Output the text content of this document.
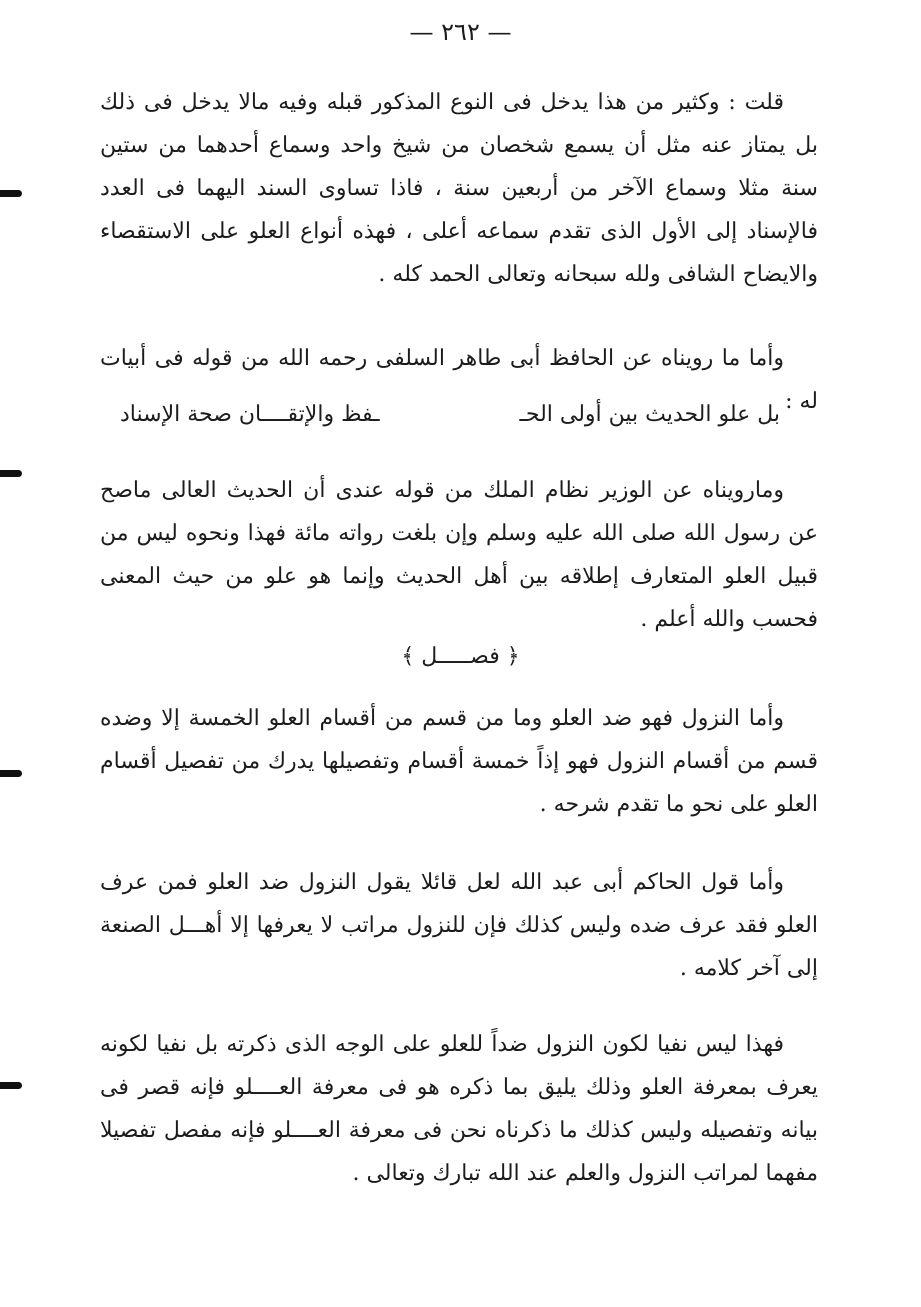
— ٢٦٢ —

قلت : وكثير من هذا يدخل فى النوع المذكور قبله وفيه مالا يدخل فى ذلك بل يمتاز عنه مثل أن يسمع شخصان من شيخ واحد وسماع أحدهما من ستين سنة مثلا وسماع الآخر من أربعين سنة ، فاذا تساوى السند اليهما فى العدد فالإسناد إلى الأول الذى تقدم سماعه أعلى ، فهذه أنواع العلو على الاستقصاء والايضاح الشافى ولله سبحانه وتعالى الحمد كله .

وأما ما رويناه عن الحافظ أبى طاهر السلفى رحمه الله من قوله فى أبيات له :

بل علو الحديث بين أولى الحـ
ـفظ والإتقــــان صحة الإسناد

ومارويناه عن الوزير نظام الملك من قوله عندى أن الحديث العالى ماصح عن رسول الله صلى الله عليه وسلم وإن بلغت رواته مائة فهذا ونحوه ليس من قبيل العلو المتعارف إطلاقه بين أهل الحديث وإنما هو علو من حيث المعنى فحسب والله أعلم .

﴿ فصـــــل ﴾

وأما النزول فهو ضد العلو وما من قسم من أقسام العلو الخمسة إلا وضده قسم من أقسام النزول فهو إذاً خمسة أقسام وتفصيلها يدرك من تفصيل أقسام العلو على نحو ما تقدم شرحه .

وأما قول الحاكم أبى عبد الله لعل قائلا يقول النزول ضد العلو فمن عرف العلو فقد عرف ضده وليس كذلك فإن للنزول مراتب لا يعرفها إلا أهـــل الصنعة إلى آخر كلامه .

فهذا ليس نفيا لكون النزول ضداً للعلو على الوجه الذى ذكرته بل نفيا لكونه يعرف بمعرفة العلو وذلك يليق بما ذكره هو فى معرفة العــــلو فإنه قصر فى بيانه وتفصيله وليس كذلك ما ذكرناه نحن فى معرفة العــــلو فإنه مفصل تفصيلا مفهما لمراتب النزول والعلم عند الله تبارك وتعالى .
